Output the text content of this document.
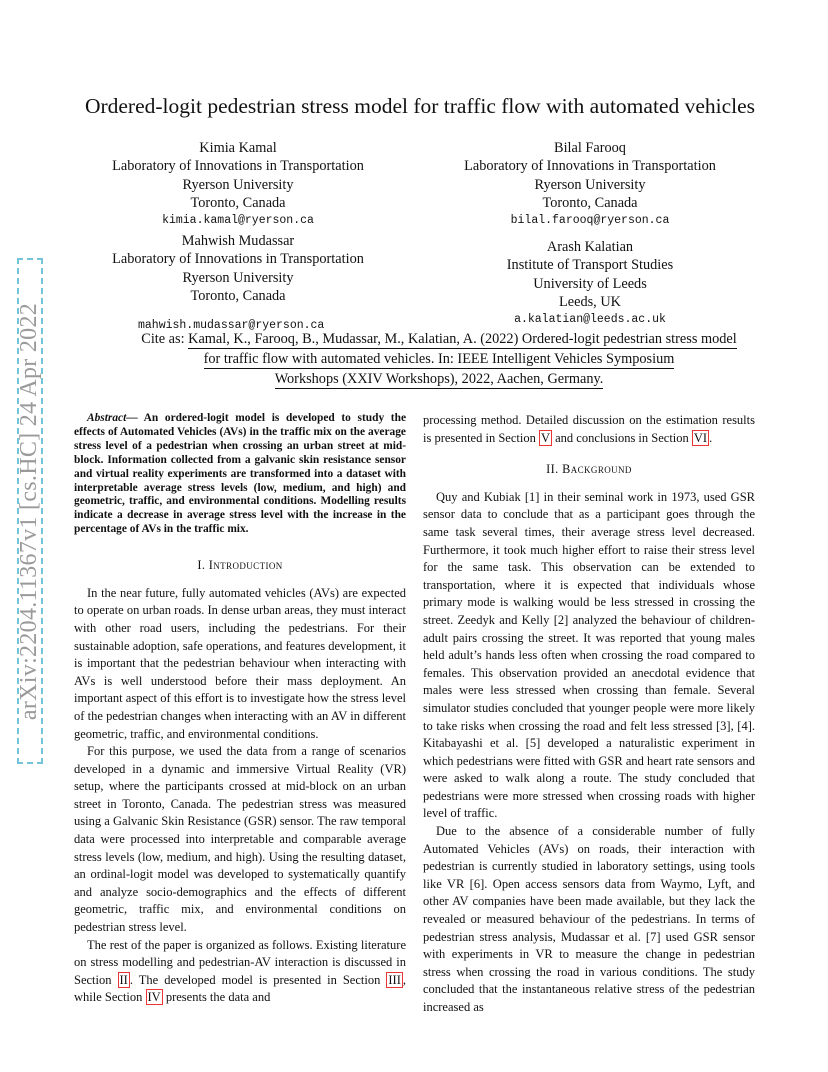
arXiv:2204.11367v1 [cs.HC] 24 Apr 2022
Ordered-logit pedestrian stress model for traffic flow with automated vehicles
Kimia Kamal
Laboratory of Innovations in Transportation
Ryerson University
Toronto, Canada
kimia.kamal@ryerson.ca
Bilal Farooq
Laboratory of Innovations in Transportation
Ryerson University
Toronto, Canada
bilal.farooq@ryerson.ca
Mahwish Mudassar
Laboratory of Innovations in Transportation
Ryerson University
Toronto, Canada
mahwish.mudassar@ryerson.ca
Arash Kalatian
Institute of Transport Studies
University of Leeds
Leeds, UK
a.kalatian@leeds.ac.uk
Cite as: Kamal, K., Farooq, B., Mudassar, M., Kalatian, A. (2022) Ordered-logit pedestrian stress model
for traffic flow with automated vehicles. In: IEEE Intelligent Vehicles Symposium
Workshops (XXIV Workshops), 2022, Aachen, Germany.

Abstract— An ordered-logit model is developed to study the effects of Automated Vehicles (AVs) in the traffic mix on the average stress level of a pedestrian when crossing an urban street at mid-block. Information collected from a galvanic skin resistance sensor and virtual reality experiments are transformed into a dataset with interpretable average stress levels (low, medium, and high) and geometric, traffic, and environmental conditions. Modelling results indicate a decrease in average stress level with the increase in the percentage of AVs in the traffic mix.

I. Introduction

In the near future, fully automated vehicles (AVs) are expected to operate on urban roads. In dense urban areas, they must interact with other road users, including the pedestrians. For their sustainable adoption, safe operations, and features development, it is important that the pedestrian behaviour when interacting with AVs is well understood before their mass deployment. An important aspect of this effort is to investigate how the stress level of the pedestrian changes when interacting with an AV in different geometric, traffic, and environmental conditions.

For this purpose, we used the data from a range of scenarios developed in a dynamic and immersive Virtual Reality (VR) setup, where the participants crossed at mid-block on an urban street in Toronto, Canada. The pedestrian stress was measured using a Galvanic Skin Resistance (GSR) sensor. The raw temporal data were processed into interpretable and comparable average stress levels (low, medium, and high). Using the resulting dataset, an ordinal-logit model was developed to systematically quantify and analyze socio-demographics and the effects of different geometric, traffic mix, and environmental conditions on pedestrian stress level.

The rest of the paper is organized as follows. Existing literature on stress modelling and pedestrian-AV interaction is discussed in Section II . The developed model is presented in Section III , while Section IV presents the data and

processing method. Detailed discussion on the estimation results is presented in Section V and conclusions in Section VI .

II. Background

Quy and Kubiak [1] in their seminal work in 1973, used GSR sensor data to conclude that as a participant goes through the same task several times, their average stress level decreased. Furthermore, it took much higher effort to raise their stress level for the same task. This observation can be extended to transportation, where it is expected that individuals whose primary mode is walking would be less stressed in crossing the street. Zeedyk and Kelly [2] analyzed the behaviour of children-adult pairs crossing the street. It was reported that young males held adult’s hands less often when crossing the road compared to females. This observation provided an anecdotal evidence that males were less stressed when crossing than female. Several simulator studies concluded that younger people were more likely to take risks when crossing the road and felt less stressed [3], [4]. Kitabayashi et al. [5] developed a naturalistic experiment in which pedestrians were fitted with GSR and heart rate sensors and were asked to walk along a route. The study concluded that pedestrians were more stressed when crossing roads with higher level of traffic.

Due to the absence of a considerable number of fully Automated Vehicles (AVs) on roads, their interaction with pedestrian is currently studied in laboratory settings, using tools like VR [6]. Open access sensors data from Waymo, Lyft, and other AV companies have been made available, but they lack the revealed or measured behaviour of the pedestrians. In terms of pedestrian stress analysis, Mudassar et al. [7] used GSR sensor with experiments in VR to measure the change in pedestrian stress when crossing the road in various conditions. The study concluded that the instantaneous relative stress of the pedestrian increased as
